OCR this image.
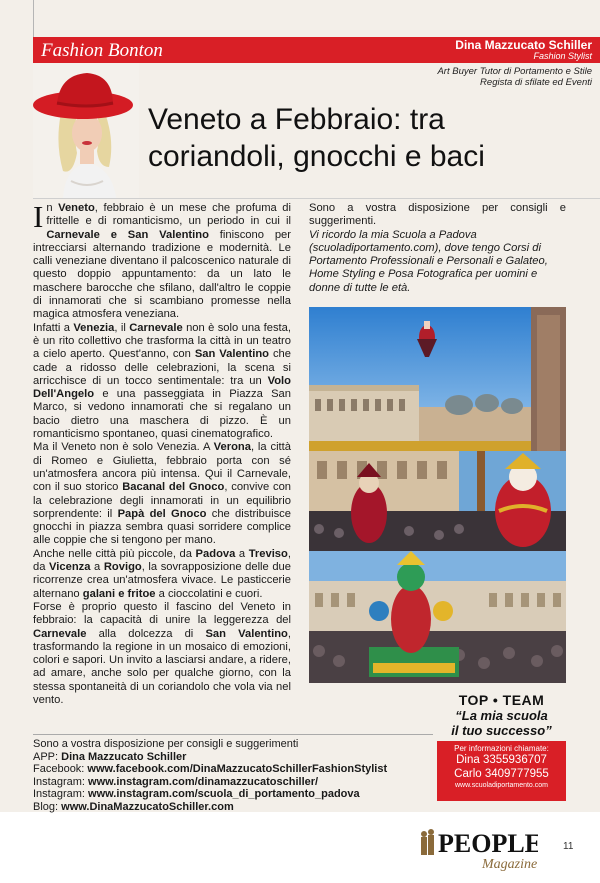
Fashion Bonton	Dina Mazzucato Schiller
Fashion Stylist
Art Buyer Tutor di Portamento e Stile
Regista di sfilate ed Eventi
Veneto a Febbraio: tra
coriandoli, gnocchi e baci

In Veneto, febbraio è un mese che profuma di frittelle e di romanticismo, un periodo in cui il Carnevale e San Valentino finiscono per intrecciarsi alternando tradizione e modernità. Le calli veneziane diventano il palcoscenico naturale di questo doppio appuntamento: da un lato le maschere barocche che sfilano, dall'altro le coppie di innamorati che si scambiano promesse nella magica atmosfera veneziana.

Infatti a Venezia, il Carnevale non è solo una festa, è un rito collettivo che trasforma la città in un teatro a cielo aperto. Quest'anno, con San Valentino che cade a ridosso delle celebrazioni, la scena si arricchisce di un tocco sentimentale: tra un Volo Dell'Angelo e una passeggiata in Piazza San Marco, si vedono innamorati che si regalano un bacio dietro una maschera di pizzo. È un romanticismo spontaneo, quasi cinematografico.

Ma il Veneto non è solo Venezia. A Verona, la città di Romeo e Giulietta, febbraio porta con sé un'atmosfera ancora più intensa. Qui il Carnevale, con il suo storico Bacanal del Gnoco, convive con la celebrazione degli innamorati in un equilibrio sorprendente: il Papà del Gnoco che distribuisce gnocchi in piazza sembra quasi sorridere complice alle coppie che si tengono per mano.

Anche nelle città più piccole, da Padova a Treviso, da Vicenza a Rovigo, la sovrapposizione delle due ricorrenze crea un'atmosfera vivace. Le pasticcerie alternano galani e fritoe a cioccolatini e cuori.

Forse è proprio questo il fascino del Veneto in febbraio: la capacità di unire la leggerezza del Carnevale alla dolcezza di San Valentino, trasformando la regione in un mosaico di emozioni, colori e sapori. Un invito a lasciarsi andare, a ridere, ad amare, anche solo per qualche giorno, con la stessa spontaneità di un coriandolo che vola via nel vento.

Sono a vostra disposizione per consigli e suggerimenti.

Vi ricordo la mia Scuola a Padova (scuoladiportamento.com), dove tengo Corsi di Portamento Professionali e Personali e Galateo, Home Styling e Posa Fotografica per uomini e donne di tutte le età.

TOP • TEAM
“La mia scuola
il tuo successo”
Per informazioni chiamate:
Dina 3355936707
Carlo 3409777955
www.scuoladiportamento.com
Sono a vostra disposizione per consigli e suggerimenti
APP: Dina Mazzucato Schiller
Facebook: www.facebook.com/DinaMazzucatoSchillerFashionStylist
Instagram: www.instagram.com/dinamazzucatoschiller/
Instagram: www.instagram.com/scuola_di_portamento_padova
Blog: www.DinaMazzucatoSchiller.com
PEOPLE
Magazine
11
